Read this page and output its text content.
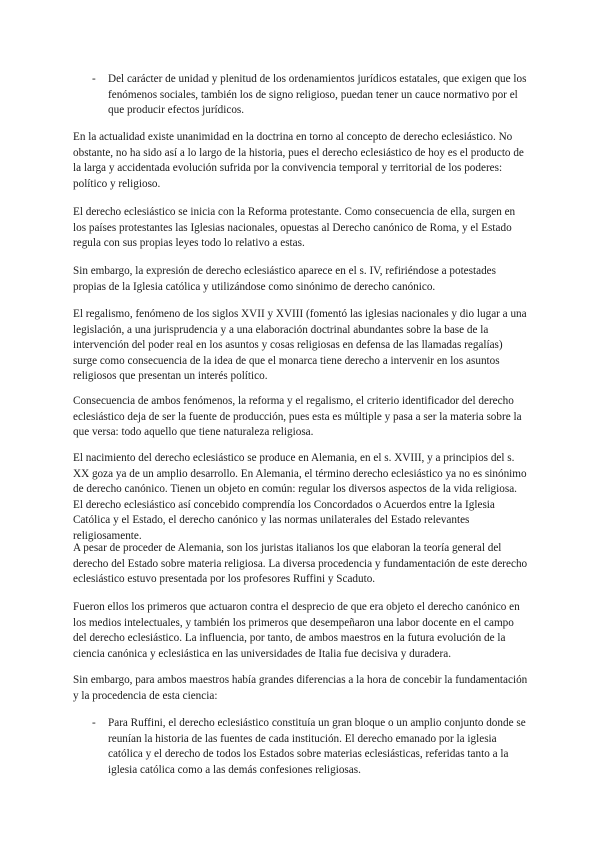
-	Del carácter de unidad y plenitud de los ordenamientos jurídicos estatales, que exigen que los fenómenos sociales, también los de signo religioso, puedan tener un cauce normativo por el que producir efectos jurídicos.

En la actualidad existe unanimidad en la doctrina en torno al concepto de derecho eclesiástico. No obstante, no ha sido así a lo largo de la historia, pues el derecho eclesiástico de hoy es el producto de la larga y accidentada evolución sufrida por la convivencia temporal y territorial de los poderes: político y religioso.

El derecho eclesiástico se inicia con la Reforma protestante. Como consecuencia de ella, surgen en los países protestantes las Iglesias nacionales, opuestas al Derecho canónico de Roma, y el Estado regula con sus propias leyes todo lo relativo a estas.

Sin embargo, la expresión de derecho eclesiástico aparece en el s. IV, refiriéndose a potestades propias de la Iglesia católica y utilizándose como sinónimo de derecho canónico.

El regalismo, fenómeno de los siglos XVII y XVIII (fomentó las iglesias nacionales y dio lugar a una legislación, a una jurisprudencia y a una elaboración doctrinal abundantes sobre la base de la intervención del poder real en los asuntos y cosas religiosas en defensa de las llamadas regalías) surge como consecuencia de la idea de que el monarca tiene derecho a intervenir en los asuntos religiosos que presentan un interés político.

Consecuencia de ambos fenómenos, la reforma y el regalismo, el criterio identificador del derecho eclesiástico deja de ser la fuente de producción, pues esta es múltiple y pasa a ser la materia sobre la que versa: todo aquello que tiene naturaleza religiosa.

El nacimiento del derecho eclesiástico se produce en Alemania, en el s. XVIII, y a principios del s. XX goza ya de un amplio desarrollo. En Alemania, el término derecho eclesiástico ya no es sinónimo de derecho canónico. Tienen un objeto en común: regular los diversos aspectos de la vida religiosa. El derecho eclesiástico así concebido comprendía los Concordados o Acuerdos entre la Iglesia Católica y el Estado, el derecho canónico y las normas unilaterales del Estado relevantes religiosamente.

A pesar de proceder de Alemania, son los juristas italianos los que elaboran la teoría general del derecho del Estado sobre materia religiosa. La diversa procedencia y fundamentación de este derecho eclesiástico estuvo presentada por los profesores Ruffini y Scaduto.

Fueron ellos los primeros que actuaron contra el desprecio de que era objeto el derecho canónico en los medios intelectuales, y también los primeros que desempeñaron una labor docente en el campo del derecho eclesiástico. La influencia, por tanto, de ambos maestros en la futura evolución de la ciencia canónica y eclesiástica en las universidades de Italia fue decisiva y duradera.

Sin embargo, para ambos maestros había grandes diferencias a la hora de concebir la fundamentación y la procedencia de esta ciencia:

-	Para Ruffini, el derecho eclesiástico constituía un gran bloque o un amplio conjunto donde se reunían la historia de las fuentes de cada institución. El derecho emanado por la iglesia católica y el derecho de todos los Estados sobre materias eclesiásticas, referidas tanto a la iglesia católica como a las demás confesiones religiosas.
